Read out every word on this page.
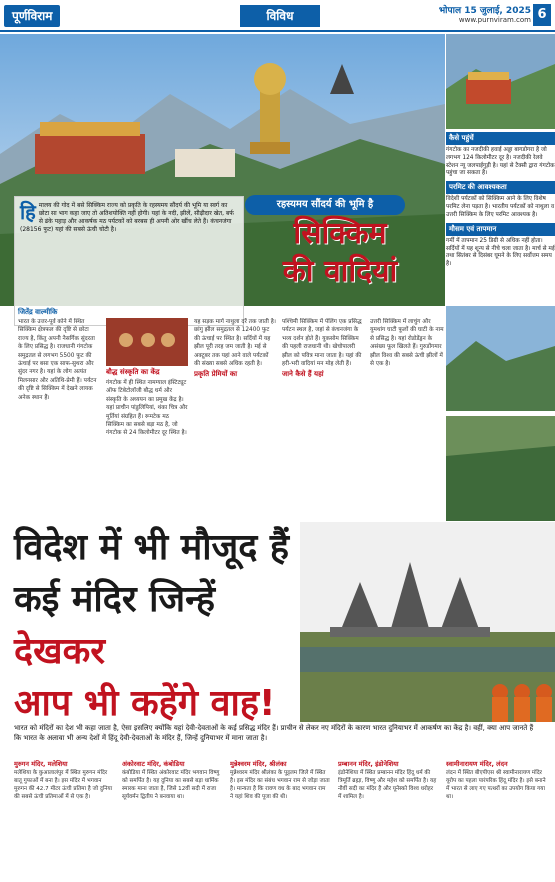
पूर्णविराम	विविध	भोपाल 15 जुलाई, 2025
www.purnviram.com 6
हि मालय की गोद में बसे सिक्किम राज्य को प्रकृति के रहस्यमय सौंदर्य की भूमि या स्वर्ग का छोटा सा भाग कहा जाए तो अतिशयोक्ति नहीं होगी। यहां के नदी, झीलें, सीढ़ीदार खेत, बर्फ से ढंके पहाड़ और आकर्षक मठ पर्यटकों को बरबस ही अपनी ओर खींच लेते हैं। कंचनजंगा (28156 फुट) यहां की सबसे ऊंची चोटी है।
रहस्यमय सौंदर्य की भूमि है
सिक्किम
की वादियां
कैसे पहुंचें

गंगटोक का नजदीकी हवाई अड्डा बागडोगरा है जो लगभग 124 किलोमीटर दूर है। नजदीकी रेलवे स्टेशन न्यू जलपाईगुड़ी है। यहां से टैक्सी द्वारा गंगटोक पहुंचा जा सकता है।

परमिट की आवश्यकता

विदेशी पर्यटकों को सिक्किम आने के लिए विशेष परमिट लेना पड़ता है। भारतीय पर्यटकों को नाथुला व उत्तरी सिक्किम के लिए परमिट आवश्यक है।

मौसम एवं तापमान

गर्मी में तापमान 25 डिग्री से अधिक नहीं होता। सर्दियों में यह शून्य से नीचे चला जाता है। मार्च से मई तथा सितंबर से दिसंबर घूमने के लिए सर्वोत्तम समय है।

जितेंद्र वाल्मीकि

भारत के उत्तर-पूर्व कोने में स्थित सिक्किम क्षेत्रफल की दृष्टि से छोटा राज्य है, किंतु अपनी नैसर्गिक सुंदरता के लिए प्रसिद्ध है। राजधानी गंगटोक समुद्रतल से लगभग 5500 फुट की ऊंचाई पर बसा एक साफ-सुथरा और सुंदर नगर है। यहां के लोग अत्यंत मिलनसार और अतिथि-प्रेमी हैं। पर्यटन की दृष्टि से सिक्किम में देखने लायक अनेक स्थान हैं।

बौद्ध संस्कृति का केंद्र

गंगटोक में ही स्थित नामग्याल इंस्टिट्यूट ऑफ टिबेटोलॉजी बौद्ध धर्म और संस्कृति के अध्ययन का प्रमुख केंद्र है। यहां प्राचीन पांडुलिपियां, थंका चित्र और मूर्तियां संग्रहित हैं। रूमटेक मठ सिक्किम का सबसे बड़ा मठ है, जो गंगटोक से 24 किलोमीटर दूर स्थित है।

यह सड़क मार्ग नाथुला दर्रे तक जाती है। छांगु झील समुद्रतल से 12400 फुट की ऊंचाई पर स्थित है। सर्दियों में यह झील पूरी तरह जम जाती है। मई से अक्टूबर तक यहां आने वाले पर्यटकों की संख्या सबसे अधिक रहती है।

प्रकृति प्रेमियों का

पश्चिमी सिक्किम में पेलिंग एक प्रसिद्ध पर्यटन स्थल है, जहां से कंचनजंगा के भव्य दर्शन होते हैं। युकसोम सिक्किम की पहली राजधानी थी। खेचोपालरी झील को पवित्र माना जाता है। यहां की हरी-भरी वादियां मन मोह लेती हैं।

जाने कैसे हैं यहां

उत्तरी सिक्किम में लाचुंग और युमथांग घाटी फूलों की घाटी के नाम से प्रसिद्ध है। यहां रोडोडेंड्रन के असंख्य फूल खिलते हैं। गुरुडोंगमार झील विश्व की सबसे ऊंची झीलों में से एक है।

विदेश में भी मौजूद हैं
कई मंदिर जिन्हें देखकर
आप भी कहेंगे वाह!
भारत को मंदिरों का देश भी कहा जाता है, ऐसा इसलिए क्योंकि यहां देवी-देवताओं के कई प्रसिद्ध मंदिर हैं। प्राचीन से लेकर नए मंदिरों के कारण भारत दुनियाभर में आकर्षण का केंद्र है। वहीं, क्या आप जानते हैं कि भारत के अलावा भी अन्य देशों में हिंदू देवी-देवताओं के मंदिर हैं, जिन्हें दुनियाभर में माना जाता है।
मुरुगन मंदिर, मलेशिया

मलेशिया के कुआलालंपुर में स्थित मुरुगन मंदिर बातू गुफाओं में बना है। इस मंदिर में भगवान मुरुगन की 42.7 मीटर ऊंची प्रतिमा है जो दुनिया की सबसे ऊंची प्रतिमाओं में से एक है।

अंकोरवाट मंदिर, कंबोडिया

कंबोडिया में स्थित अंकोरवाट मंदिर भगवान विष्णु को समर्पित है। यह दुनिया का सबसे बड़ा धार्मिक स्मारक माना जाता है, जिसे 12वीं सदी में राजा सूर्यवर्मन द्वितीय ने बनवाया था।

मुन्नेश्वरम मंदिर, श्रीलंका

मुन्नेश्वरम मंदिर श्रीलंका के पुट्टलम जिले में स्थित है। इस मंदिर का संबंध भगवान राम से जोड़ा जाता है। मान्यता है कि रावण वध के बाद भगवान राम ने यहां शिव की पूजा की थी।

प्रम्बानन मंदिर, इंडोनेशिया

इंडोनेशिया में स्थित प्रम्बानन मंदिर हिंदू धर्म की त्रिमूर्ति ब्रह्मा, विष्णु और महेश को समर्पित है। यह नौवीं सदी का मंदिर है और यूनेस्को विश्व धरोहर में शामिल है।

स्वामीनारायण मंदिर, लंदन

लंदन में स्थित बीएपीएस श्री स्वामीनारायण मंदिर यूरोप का पहला पारंपरिक हिंदू मंदिर है। इसे बनाने में भारत से लाए गए पत्थरों का उपयोग किया गया था।
